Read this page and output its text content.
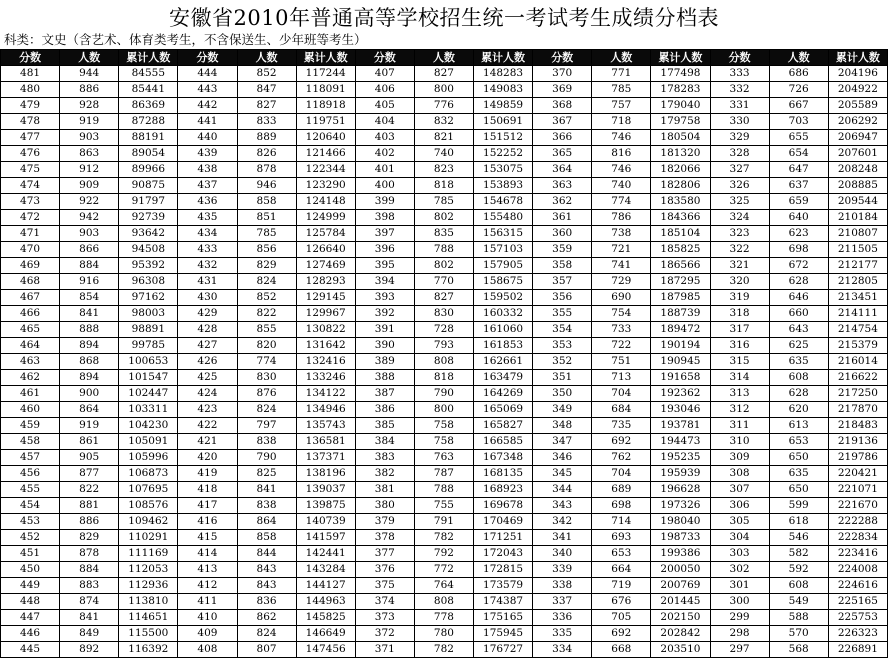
安徽省2010年普通高等学校招生统一考试考生成绩分档表
科类：文史（含艺术、体育类考生，不含保送生、少年班等考生）
分数	人数	累计人数	分数	人数	累计人数	分数	人数	累计人数	分数	人数	累计人数	分数	人数	累计人数
481	944	84555	444	852	117244	407	827	148283	370	771	177498	333	686	204196
480	886	85441	443	847	118091	406	800	149083	369	785	178283	332	726	204922
479	928	86369	442	827	118918	405	776	149859	368	757	179040	331	667	205589
478	919	87288	441	833	119751	404	832	150691	367	718	179758	330	703	206292
477	903	88191	440	889	120640	403	821	151512	366	746	180504	329	655	206947
476	863	89054	439	826	121466	402	740	152252	365	816	181320	328	654	207601
475	912	89966	438	878	122344	401	823	153075	364	746	182066	327	647	208248
474	909	90875	437	946	123290	400	818	153893	363	740	182806	326	637	208885
473	922	91797	436	858	124148	399	785	154678	362	774	183580	325	659	209544
472	942	92739	435	851	124999	398	802	155480	361	786	184366	324	640	210184
471	903	93642	434	785	125784	397	835	156315	360	738	185104	323	623	210807
470	866	94508	433	856	126640	396	788	157103	359	721	185825	322	698	211505
469	884	95392	432	829	127469	395	802	157905	358	741	186566	321	672	212177
468	916	96308	431	824	128293	394	770	158675	357	729	187295	320	628	212805
467	854	97162	430	852	129145	393	827	159502	356	690	187985	319	646	213451
466	841	98003	429	822	129967	392	830	160332	355	754	188739	318	660	214111
465	888	98891	428	855	130822	391	728	161060	354	733	189472	317	643	214754
464	894	99785	427	820	131642	390	793	161853	353	722	190194	316	625	215379
463	868	100653	426	774	132416	389	808	162661	352	751	190945	315	635	216014
462	894	101547	425	830	133246	388	818	163479	351	713	191658	314	608	216622
461	900	102447	424	876	134122	387	790	164269	350	704	192362	313	628	217250
460	864	103311	423	824	134946	386	800	165069	349	684	193046	312	620	217870
459	919	104230	422	797	135743	385	758	165827	348	735	193781	311	613	218483
458	861	105091	421	838	136581	384	758	166585	347	692	194473	310	653	219136
457	905	105996	420	790	137371	383	763	167348	346	762	195235	309	650	219786
456	877	106873	419	825	138196	382	787	168135	345	704	195939	308	635	220421
455	822	107695	418	841	139037	381	788	168923	344	689	196628	307	650	221071
454	881	108576	417	838	139875	380	755	169678	343	698	197326	306	599	221670
453	886	109462	416	864	140739	379	791	170469	342	714	198040	305	618	222288
452	829	110291	415	858	141597	378	782	171251	341	693	198733	304	546	222834
451	878	111169	414	844	142441	377	792	172043	340	653	199386	303	582	223416
450	884	112053	413	843	143284	376	772	172815	339	664	200050	302	592	224008
449	883	112936	412	843	144127	375	764	173579	338	719	200769	301	608	224616
448	874	113810	411	836	144963	374	808	174387	337	676	201445	300	549	225165
447	841	114651	410	862	145825	373	778	175165	336	705	202150	299	588	225753
446	849	115500	409	824	146649	372	780	175945	335	692	202842	298	570	226323
445	892	116392	408	807	147456	371	782	176727	334	668	203510	297	568	226891
